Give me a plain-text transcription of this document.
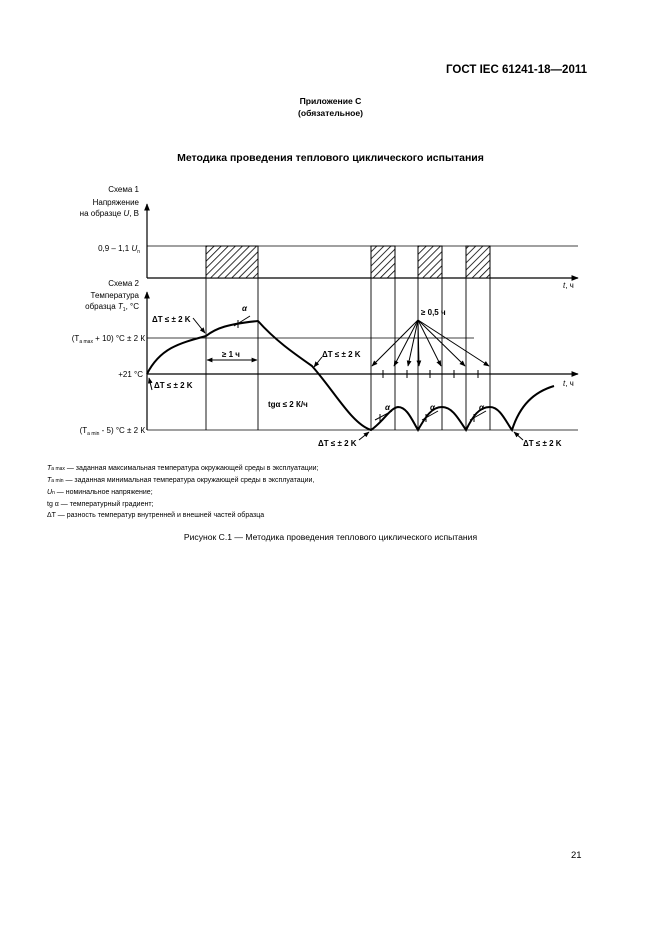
ГОСТ IEC 61241-18—2011
Приложение С
(обязательное)
Методика проведения теплового циклического испытания
Схема 1
Напряжение
на образце U, В
0,9 – 1,1 $U_n$
t, ч
Схема 2
Температура
образца $T_1$, °С
$(T_{a max} + 10) ^\circ С \pm 2$ К
+21 °С
$(T_{a min} - 5) ^\circ С \pm 2$ К
t, ч
ΔT ≤ ± 2 K
ΔT ≤ ± 2 K
ΔT ≤ ± 2 K
ΔT ≤ ± 2 K	ΔT ≤ ± 2 K
≥ 1 ч
≥ 0,5 ч
tgα ≤ 2 К/ч
α
α	α	α
Ta max — заданная максимальная температура окружающей среды в эксплуатации;
Ta min — заданная минимальная температура окружающей среды в эксплуатации,
Un — номинальное напряжение;
tg α — температурный градиент;
ΔT — разность температур внутренней и внешней частей образца
Рисунок С.1 — Методика проведения теплового циклического испытания
21
